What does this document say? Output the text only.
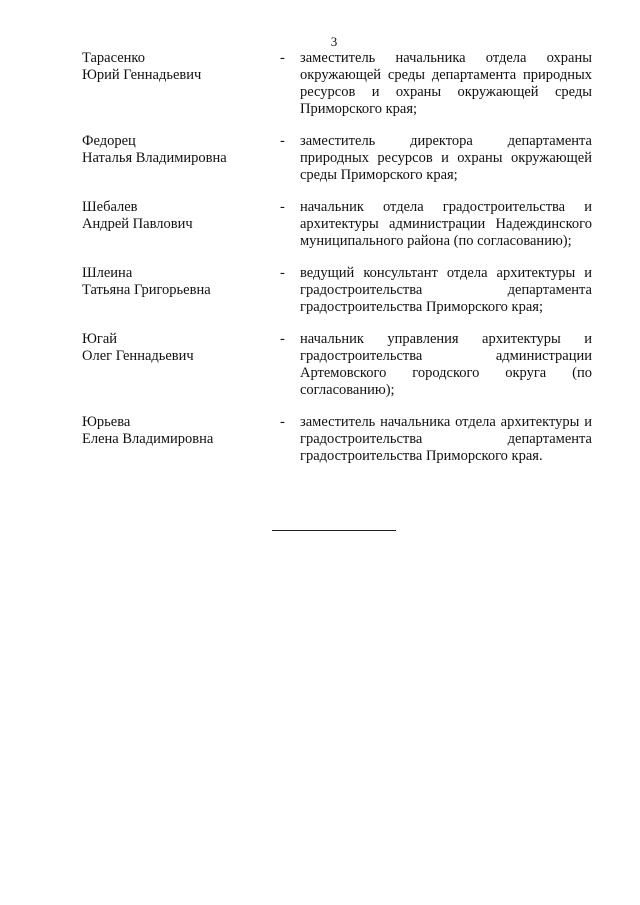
3
Тарасенко
Юрий Геннадьевич
-	заместитель начальника отдела охраны окружающей среды департамента природных ресурсов и охраны окружающей среды Приморского края;
Федорец
Наталья Владимировна
-	заместитель директора департамента природных ресурсов и охраны окружающей среды Приморского края;
Шебалев
Андрей Павлович
-	начальник отдела градостроительства и архитектуры администрации Надеждинского муниципального района (по согласованию);
Шлеина
Татьяна Григорьевна
-	ведущий консультант отдела архитектуры и градостроительства департамента градостроительства Приморского края;
Югай
Олег Геннадьевич
-	начальник управления архитектуры и градостроительства администрации Артемовского городского округа (по согласованию);
Юрьева
Елена Владимировна
-	заместитель начальника отдела архитектуры и градостроительства департамента градостроительства Приморского края.
